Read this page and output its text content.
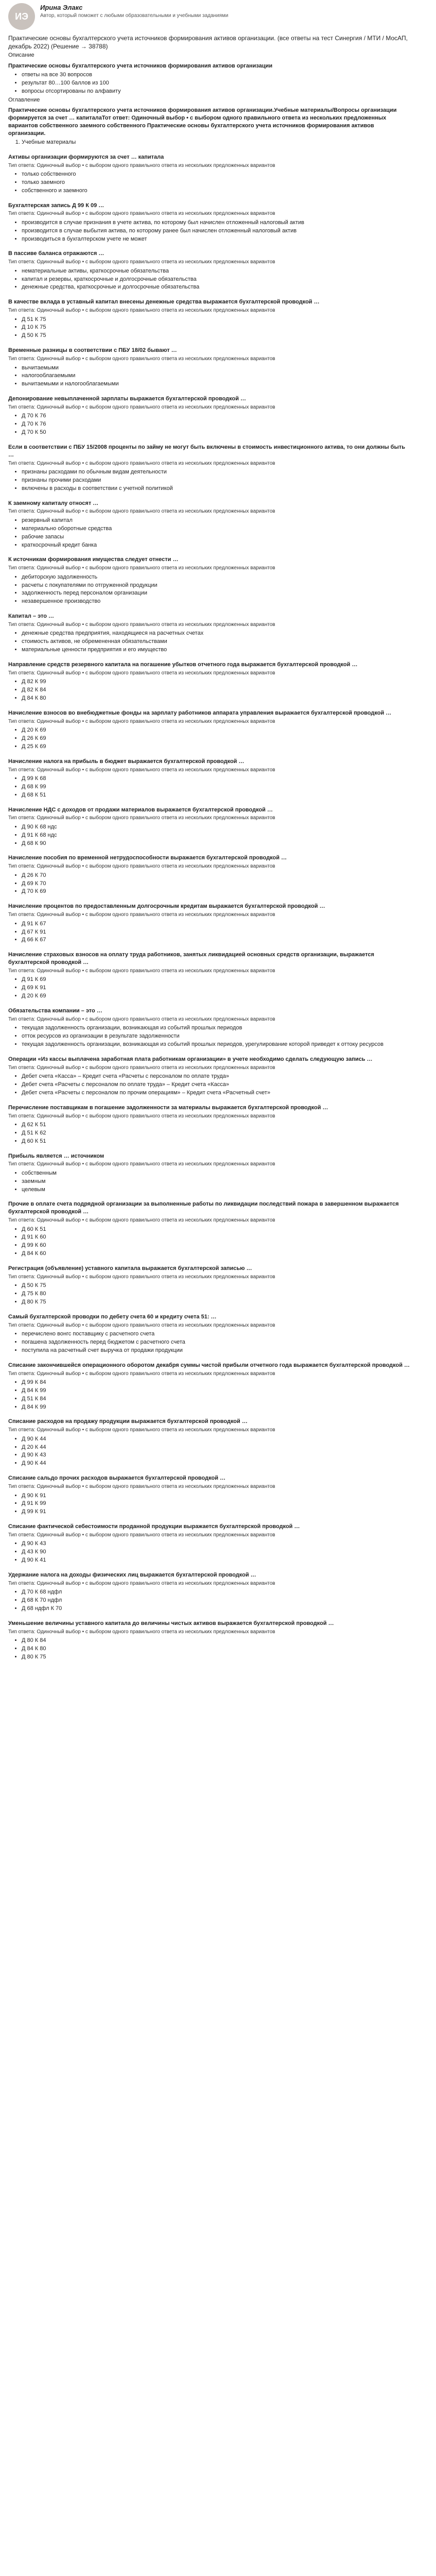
ИЭ
Ирина Элакс
Автор, который поможет с любыми образовательными и учебными заданиями
Практические основы бухгалтерского учета источников формирования активов организации. (все ответы на тест Синергия / МТИ / МосАП, декабрь 2022) (Решение → 38788)
Описание
Практические основы бухгалтерского учета источников формирования активов организации
• ответы на все 30 вопросов
• результат 80…100 баллов из 100
• вопросы отсортированы по алфавиту
Оглавление
Практические основы бухгалтерского учета источников формирования активов организации.Учебные материалы/Вопросы организации формируется за счет … капиталаТот ответ: Одиночный выбор • с выбором одного правильного ответа из нескольких предложенных вариантов собственного заемного собственного Практические основы бухгалтерского учета источников формирования активов организации.
1. Учебные материалы
Активы организации формируются за счет … капитала
Тип ответа: Одиночный выбор • с выбором одного правильного ответа из нескольких предложенных вариантов
• только собственного
• только заемного
• собственного и заемного
Бухгалтерская запись Д 99 К 09 …
Тип ответа: Одиночный выбор • с выбором одного правильного ответа из нескольких предложенных вариантов
• производится в случае признания в учете актива, по которому был начислен отложенный налоговый актив
• производится в случае выбытия актива, по которому ранее был начислен отложенный налоговый актив
• производиться в бухгалтерском учете не может
В пассиве баланса отражаются …
Тип ответа: Одиночный выбор • с выбором одного правильного ответа из нескольких предложенных вариантов
• нематериальные активы, краткосрочные обязательства
• капитал и резервы, краткосрочные и долгосрочные обязательства
• денежные средства, краткосрочные и долгосрочные обязательства
В качестве вклада в уставный капитал внесены денежные средства выражается бухгалтерской проводкой …
Тип ответа: Одиночный выбор • с выбором одного правильного ответа из нескольких предложенных вариантов
• Д 51 К 75
• Д 10 К 75
• Д 50 К 75
Временные разницы в соответствии с ПБУ 18/02 бывают …
Тип ответа: Одиночный выбор • с выбором одного правильного ответа из нескольких предложенных вариантов
• вычитаемыми
• налогооблагаемыми
• вычитаемыми и налогооблагаемыми
Депонирование невыплаченной зарплаты выражается бухгалтерской проводкой …
Тип ответа: Одиночный выбор • с выбором одного правильного ответа из нескольких предложенных вариантов
• Д 70 К 76
• Д 70 К 76
• Д 70 К 50
Если в соответствии с ПБУ 15/2008 проценты по займу не могут быть включены в стоимость инвестиционного актива, то они должны быть …
Тип ответа: Одиночный выбор • с выбором одного правильного ответа из нескольких предложенных вариантов
• признаны расходами по обычным видам деятельности
• признаны прочими расходами
• включены в расходы в соответствии с учетной политикой
К заемному капиталу относят …
Тип ответа: Одиночный выбор • с выбором одного правильного ответа из нескольких предложенных вариантов
• резервный капитал
• материально оборотные средства
• рабочие запасы
• краткосрочный кредит банка
К источникам формирования имущества следует отнести …
Тип ответа: Одиночный выбор • с выбором одного правильного ответа из нескольких предложенных вариантов
• дебиторскую задолженность
• расчеты с покупателями по отгруженной продукции
• задолженность перед персоналом организации
• незавершенное производство
Капитал – это …
Тип ответа: Одиночный выбор • с выбором одного правильного ответа из нескольких предложенных вариантов
• денежные средства предприятия, находящиеся на расчетных счетах
• стоимость активов, не обремененная обязательствами
• материальные ценности предприятия и его имущество
Направление средств резервного капитала на погашение убытков отчетного года выражается бухгалтерской проводкой …
Тип ответа: Одиночный выбор • с выбором одного правильного ответа из нескольких предложенных вариантов
• Д 82 К 99
• Д 82 К 84
• Д 84 К 80
Начисление взносов во внебюджетные фонды на зарплату работников аппарата управления выражается бухгалтерской проводкой …
Тип ответа: Одиночный выбор • с выбором одного правильного ответа из нескольких предложенных вариантов
• Д 20 К 69
• Д 26 К 69
• Д 25 К 69
Начисление налога на прибыль в бюджет выражается бухгалтерской проводкой …
Тип ответа: Одиночный выбор • с выбором одного правильного ответа из нескольких предложенных вариантов
• Д 99 К 68
• Д 68 К 99
• Д 68 К 51
Начисление НДС с доходов от продажи материалов выражается бухгалтерской проводкой …
Тип ответа: Одиночный выбор • с выбором одного правильного ответа из нескольких предложенных вариантов
• Д 90 К 68 ндс
• Д 91 К 68 ндс
• Д 68 К 90
Начисление пособия по временной нетрудоспособности выражается бухгалтерской проводкой …
Тип ответа: Одиночный выбор • с выбором одного правильного ответа из нескольких предложенных вариантов
• Д 26 К 70
• Д 69 К 70
• Д 70 К 69
Начисление процентов по предоставленным долгосрочным кредитам выражается бухгалтерской проводкой …
Тип ответа: Одиночный выбор • с выбором одного правильного ответа из нескольких предложенных вариантов
• Д 91 К 67
• Д 67 К 91
• Д 66 К 67
Начисление страховых взносов на оплату труда работников, занятых ликвидацией основных средств организации, выражается бухгалтерской проводкой …
Тип ответа: Одиночный выбор • с выбором одного правильного ответа из нескольких предложенных вариантов
• Д 91 К 69
• Д 69 К 91
• Д 20 К 69
Обязательства компании – это …
Тип ответа: Одиночный выбор • с выбором одного правильного ответа из нескольких предложенных вариантов
• текущая задолженность организации, возникающая из событий прошлых периодов
• отток ресурсов из организации в результате задолженности
• текущая задолженность организации, возникающая из событий прошлых периодов, урегулирование которой приведет к оттоку ресурсов
Операции «Из кассы выплачена заработная плата работникам организации» в учете необходимо сделать следующую запись …
Тип ответа: Одиночный выбор • с выбором одного правильного ответа из нескольких предложенных вариантов
• Дебет счета «Касса» – Кредит счета «Расчеты с персоналом по оплате труда»
• Дебет счета «Расчеты с персоналом по оплате труда» – Кредит счета «Касса»
• Дебет счета «Расчеты с персоналом по прочим операциям» – Кредит счета «Расчетный счет»
Перечисление поставщикам в погашение задолженности за материалы выражается бухгалтерской проводкой …
Тип ответа: Одиночный выбор • с выбором одного правильного ответа из нескольких предложенных вариантов
• Д 62 К 51
• Д 51 К 62
• Д 60 К 51
Прибыль является … источником
Тип ответа: Одиночный выбор • с выбором одного правильного ответа из нескольких предложенных вариантов
• собственным
• заемным
• целевым
Прочие в оплате счета подрядной организации за выполненные работы по ликвидации последствий пожара в завершенном выражается бухгалтерской проводкой …
Тип ответа: Одиночный выбор • с выбором одного правильного ответа из нескольких предложенных вариантов
• Д 60 К 51
• Д 91 К 60
• Д 99 К 60
• Д 84 К 60
Регистрация (объявление) уставного капитала выражается бухгалтерской записью …
Тип ответа: Одиночный выбор • с выбором одного правильного ответа из нескольких предложенных вариантов
• Д 50 К 75
• Д 75 К 80
• Д 80 К 75
Самый бухгалтерской проводки по дебету счета 60 и кредиту счета 51: …
Тип ответа: Одиночный выбор • с выбором одного правильного ответа из нескольких предложенных вариантов
• перечислено вонгс поставщику с расчетного счета
• погашена задолженность перед бюджетом с расчетного счета
• поступила на расчетный счет выручка от продажи продукции
Списание закончившейся операционного оборотом декабря суммы чистой прибыли отчетного года выражается бухгалтерской проводкой …
Тип ответа: Одиночный выбор • с выбором одного правильного ответа из нескольких предложенных вариантов
• Д 99 К 84
• Д 84 К 99
• Д 51 К 84
• Д 84 К 99
Списание расходов на продажу продукции выражается бухгалтерской проводкой …
Тип ответа: Одиночный выбор • с выбором одного правильного ответа из нескольких предложенных вариантов
• Д 90 К 44
• Д 20 К 44
• Д 90 К 43
• Д 90 К 44
Списание сальдо прочих расходов выражается бухгалтерской проводкой …
Тип ответа: Одиночный выбор • с выбором одного правильного ответа из нескольких предложенных вариантов
• Д 90 К 91
• Д 91 К 99
• Д 99 К 91
Списание фактической себестоимости проданной продукции выражается бухгалтерской проводкой …
Тип ответа: Одиночный выбор • с выбором одного правильного ответа из нескольких предложенных вариантов
• Д 90 К 43
• Д 43 К 90
• Д 90 К 41
Удержание налога на доходы физических лиц выражается бухгалтерской проводкой …
Тип ответа: Одиночный выбор • с выбором одного правильного ответа из нескольких предложенных вариантов
• Д 70 К 68 ндфл
• Д 68 К 70 ндфл
• Д 68 ндфл К 70
Уменьшение величины уставного капитала до величины чистых активов выражается бухгалтерской проводкой …
Тип ответа: Одиночный выбор • с выбором одного правильного ответа из нескольких предложенных вариантов
• Д 80 К 84
• Д 84 К 80
• Д 80 К 75
